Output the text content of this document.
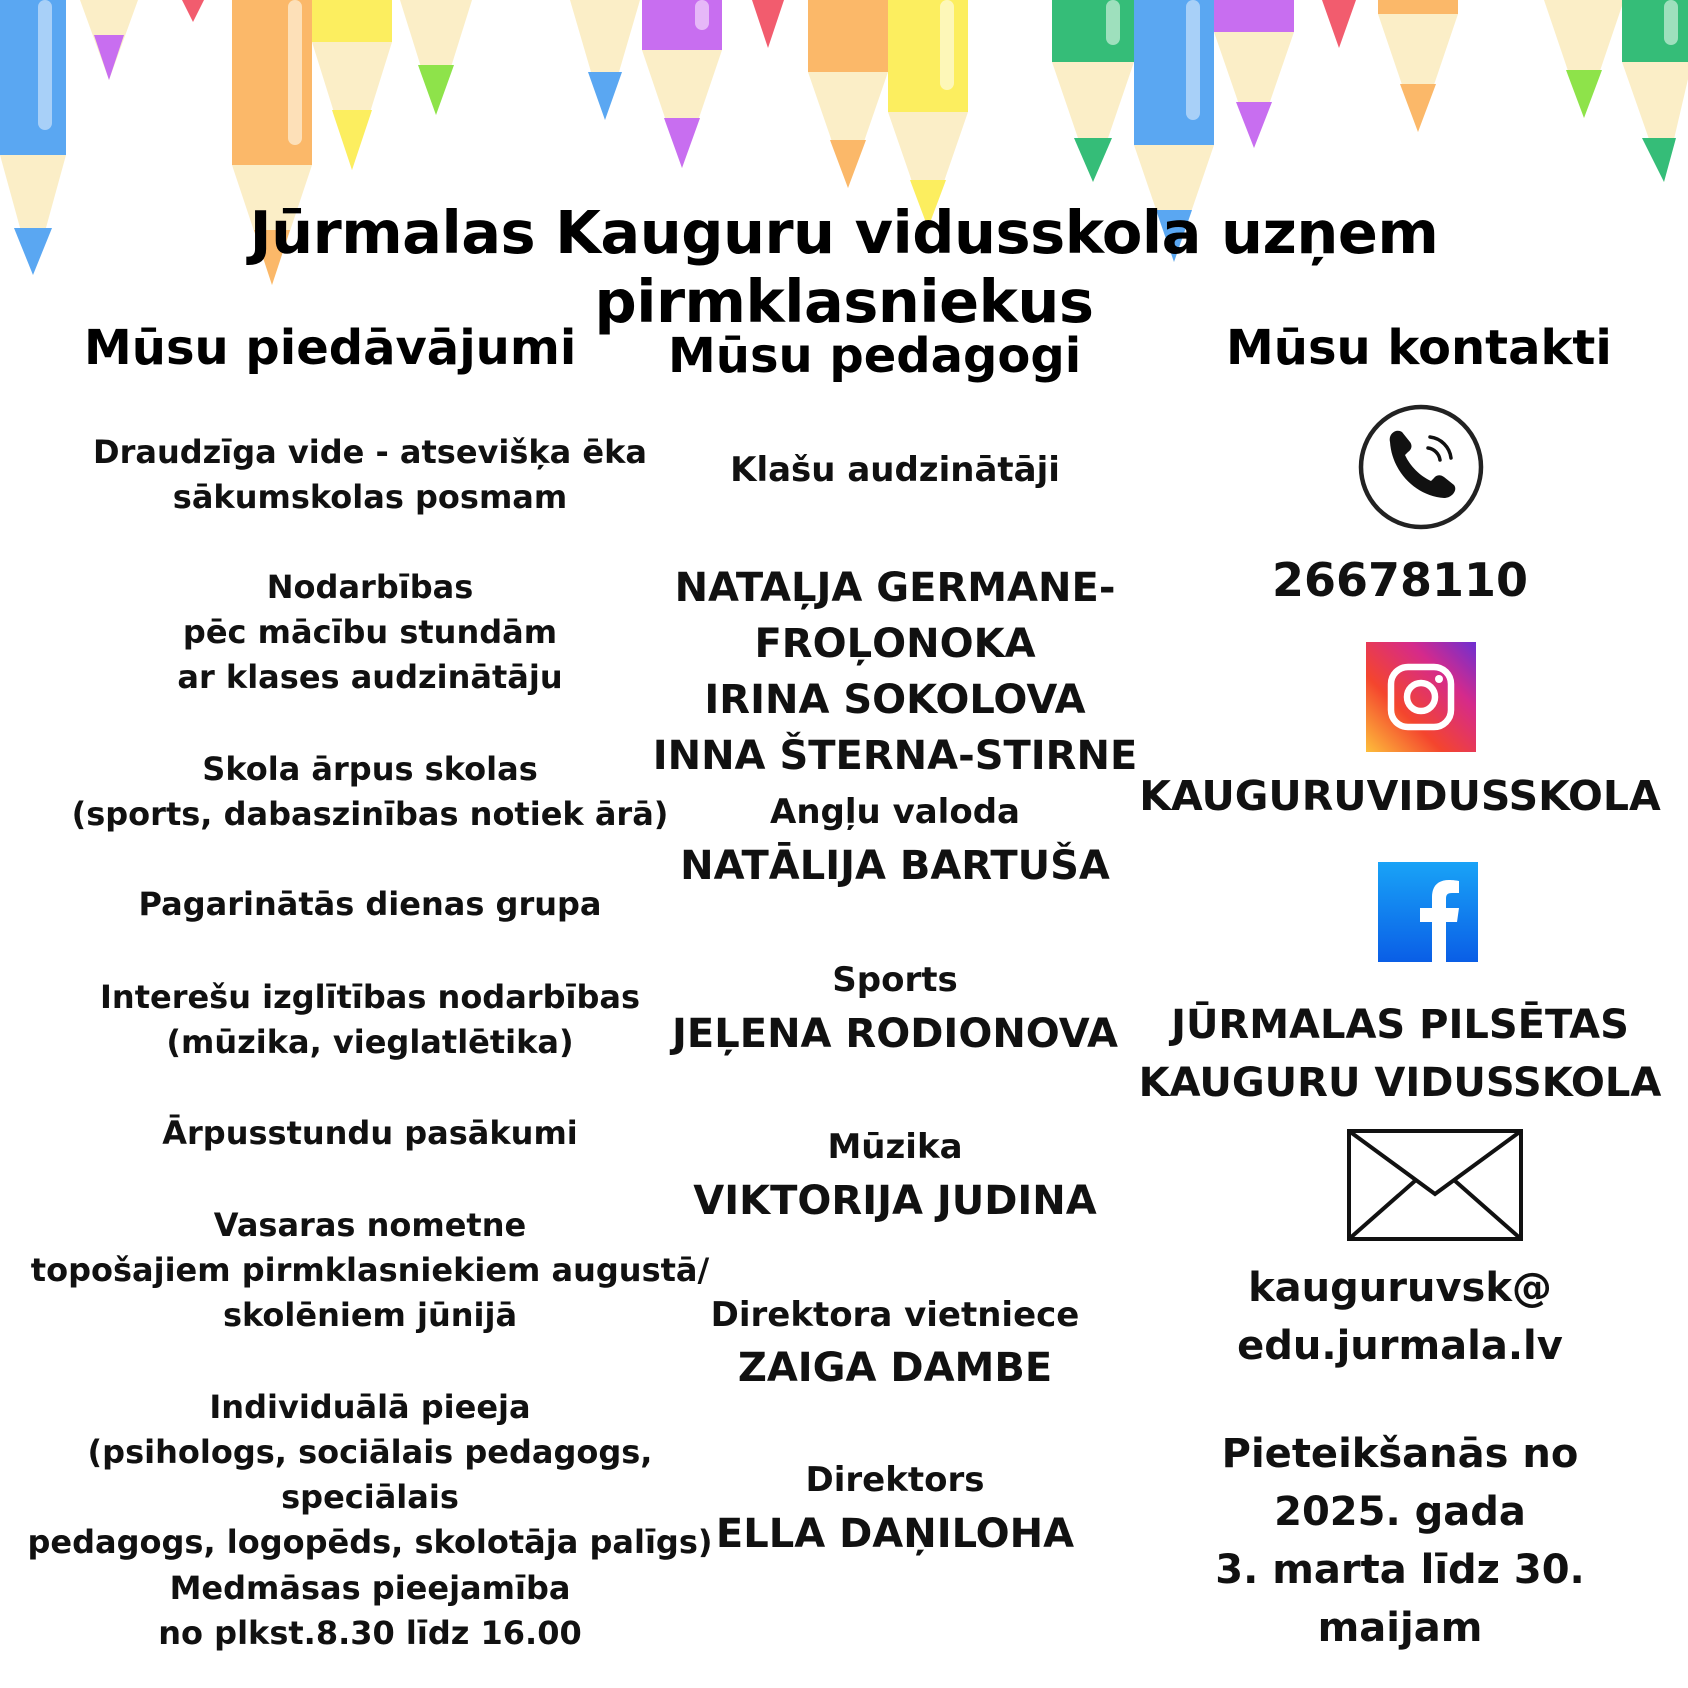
Jūrmalas Kauguru vidusskola uzņem pirmklasniekus
Mūsu piedāvājumi
Draudzīga vide - atsevišķa ēka
sākumskolas posmam
Nodarbības
pēc mācību stundām
ar klases audzinātāju
Skola ārpus skolas
(sports, dabaszinības notiek ārā)
Pagarinātās dienas grupa
Interešu izglītības nodarbības
(mūzika, vieglatlētika)
Ārpusstundu pasākumi
Vasaras nometne
topošajiem pirmklasniekiem augustā/
skolēniem jūnijā
Individuālā pieeja
(psihologs, sociālais pedagogs, speciālais
pedagogs, logopēds, skolotāja palīgs)
Medmāsas pieejamība
no plkst.8.30 līdz 16.00
Mūsu pedagogi
Klašu audzinātāji
NATAĻJA GERMANE-FROĻONOKA
IRINA SOKOLOVA
INNA ŠTERNA-STIRNE
Angļu valoda
NATĀLIJA BARTUŠA
Sports
JEĻENA RODIONOVA
Mūzika
VIKTORIJA JUDINA
Direktora vietniece
ZAIGA DAMBE
Direktors
ELLA DAŅILOHA
Mūsu kontakti
26678110
KAUGURUVIDUSSKOLA
JŪRMALAS PILSĒTAS
KAUGURU VIDUSSKOLA
kauguruvsk@
edu.jurmala.lv
Pieteikšanās no
2025. gada
3. marta līdz 30. maijam
